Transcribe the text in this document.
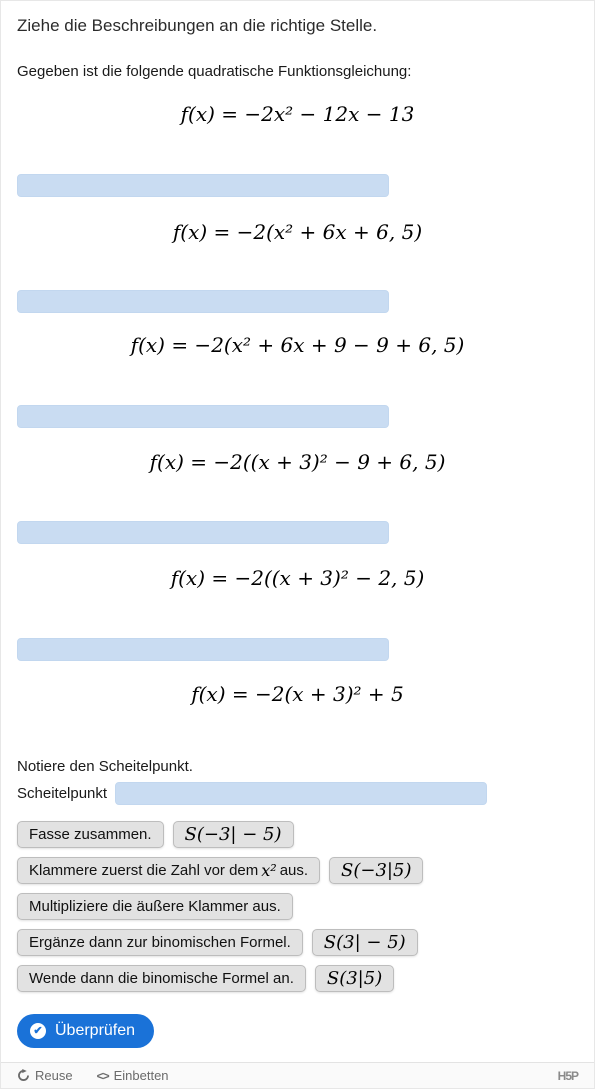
Ziehe die Beschreibungen an die richtige Stelle.
Gegeben ist die folgende quadratische Funktionsgleichung:
f(x) = −2x² − 12x − 13
f(x) = −2(x² + 6x + 6, 5)
f(x) = −2(x² + 6x + 9 − 9 + 6, 5)
f(x) = −2((x + 3)² − 9 + 6, 5)
f(x) = −2((x + 3)² − 2, 5)
f(x) = −2(x + 3)² + 5
Notiere den Scheitelpunkt.
Scheitelpunkt
Fasse zusammen.	S(−3| − 5)
Klammere zuerst die Zahl vor dem x² aus.	S(−3|5)
Multipliziere die äußere Klammer aus.
Ergänze dann zur binomischen Formel.	S(3| − 5)
Wende dann die binomische Formel an.	S(3|5)
✔ Überprüfen
Reuse <> Einbetten	H5P
